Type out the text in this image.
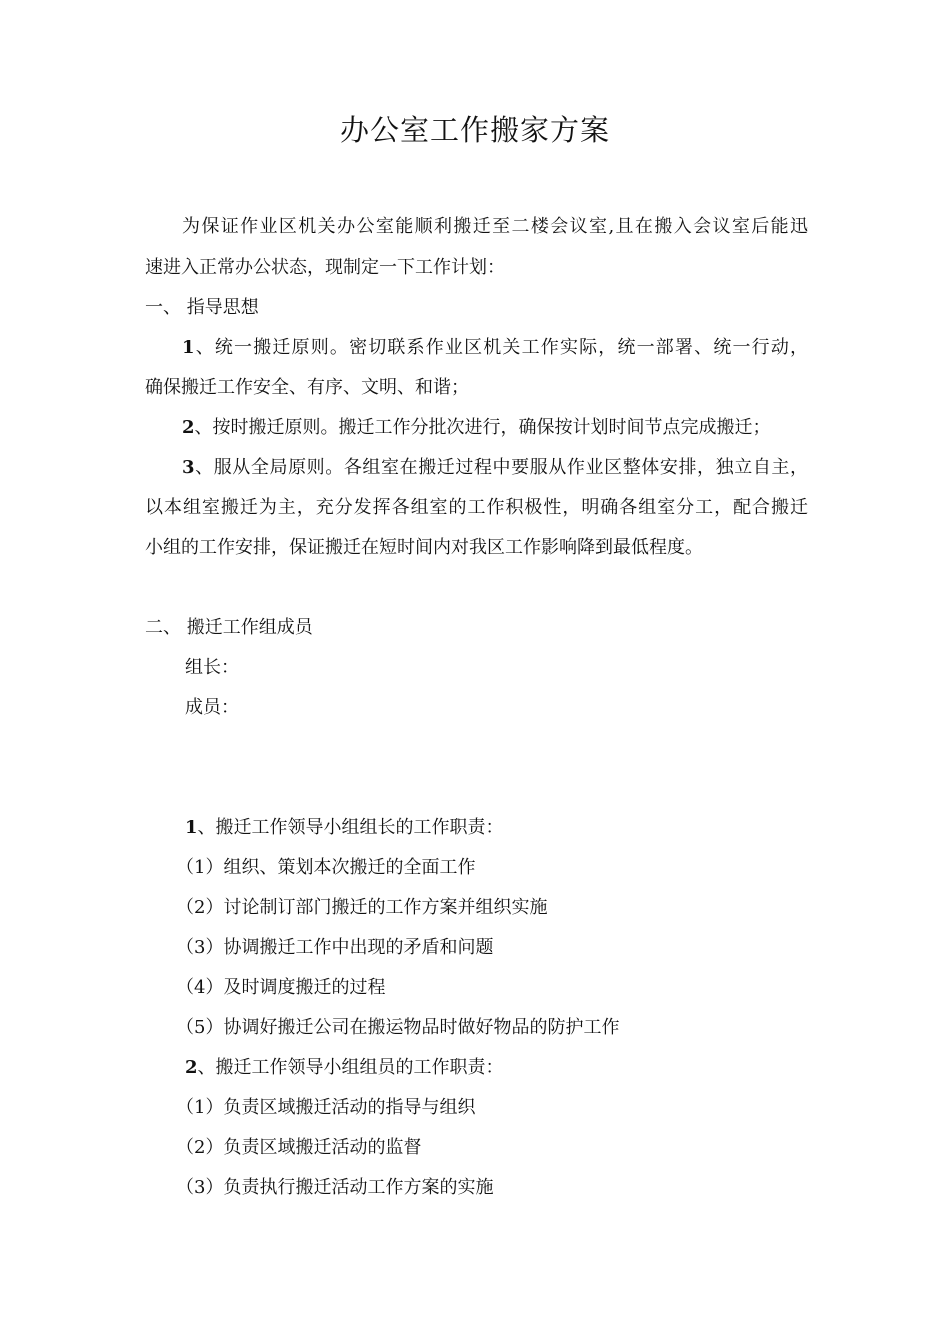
办公室工作搬家方案
为保证作业区机关办公室能顺利搬迁至二楼会议室,且在搬入会议室后能迅
速进入正常办公状态，现制定一下工作计划：
一、 指导思想
1、统一搬迁原则。密切联系作业区机关工作实际，统一部署、统一行动，
确保搬迁工作安全、有序、文明、和谐；
2、按时搬迁原则。搬迁工作分批次进行，确保按计划时间节点完成搬迁；
3、服从全局原则。各组室在搬迁过程中要服从作业区整体安排，独立自主，
以本组室搬迁为主，充分发挥各组室的工作积极性，明确各组室分工，配合搬迁
小组的工作安排，保证搬迁在短时间内对我区工作影响降到最低程度。
二、 搬迁工作组成员
组长：
成员：
1、搬迁工作领导小组组长的工作职责：
（1）组织、策划本次搬迁的全面工作
（2）讨论制订部门搬迁的工作方案并组织实施
（3）协调搬迁工作中出现的矛盾和问题
（4）及时调度搬迁的过程
（5）协调好搬迁公司在搬运物品时做好物品的防护工作
2、搬迁工作领导小组组员的工作职责：
（1）负责区域搬迁活动的指导与组织
（2）负责区域搬迁活动的监督
（3）负责执行搬迁活动工作方案的实施
